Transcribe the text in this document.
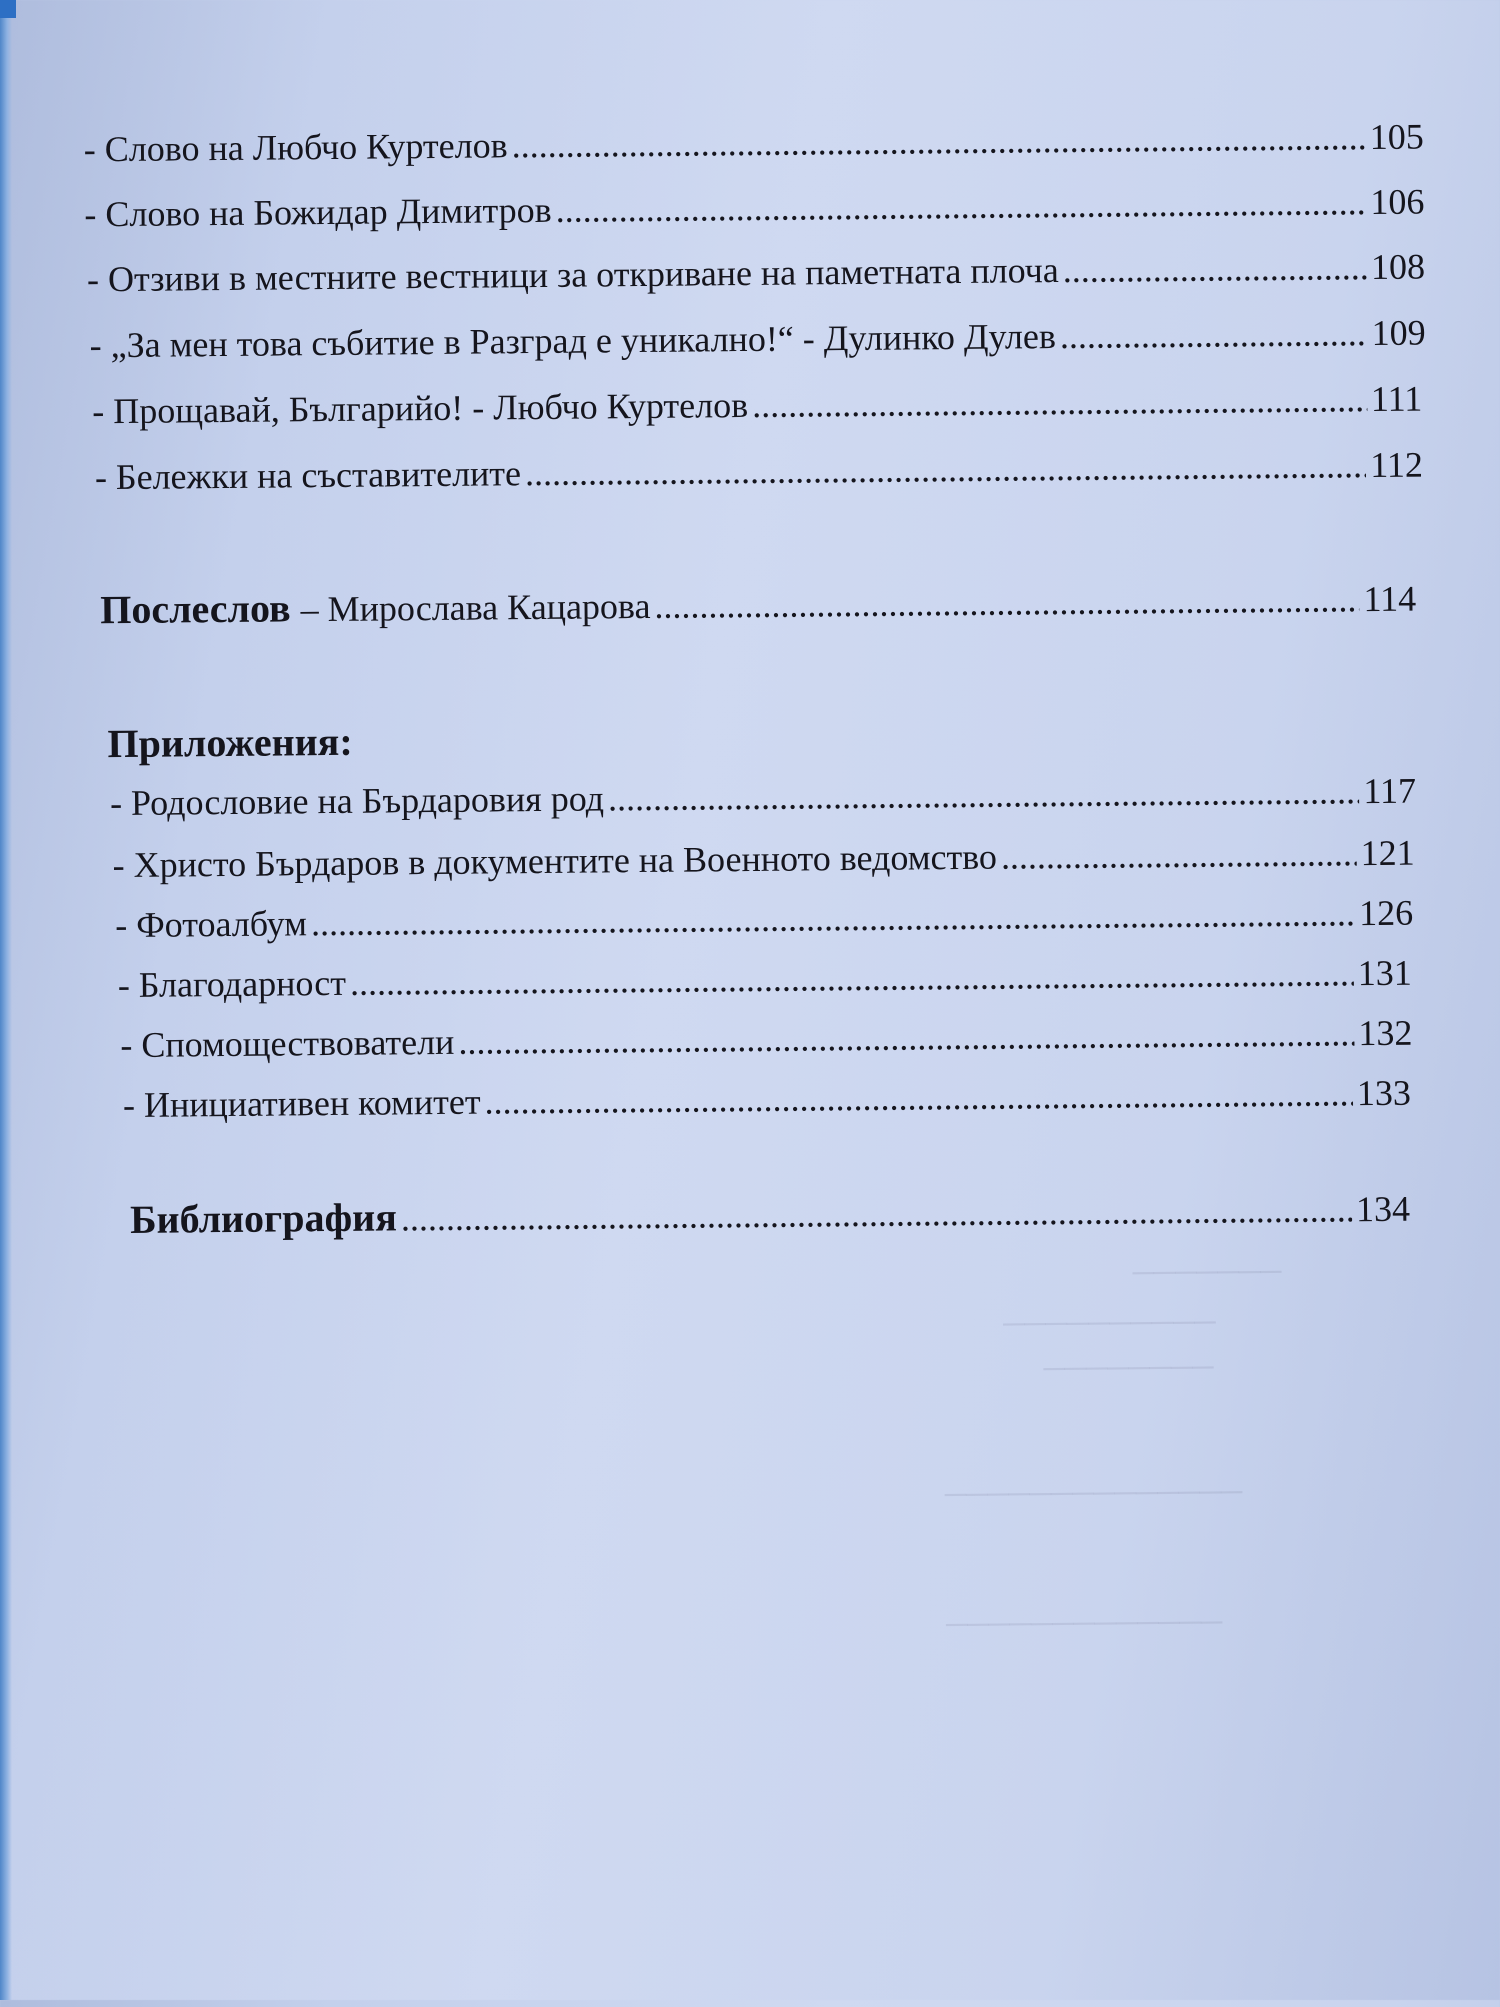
───────
──────────
────────
──────────────
─────────────
- Слово на Любчо Куртелов .....	105
- Слово на Божидар Димитров .....	106
- Отзиви в местните вестници за откриване на паметната плоча .....	108
- „За мен това събитие в Разград е уникално!“ - Дулинко Дулев .....	109
- Прощавай, Българийо! - Любчо Куртелов .....	111
- Бележки на съставителите .....	112
Послеслов – Мирослава Кацарова .....	114
Приложения:
- Родословие на Бърдаровия род .....	117
- Христо Бърдаров в документите на Военното ведомство .....	121
- Фотоалбум .....	126
- Благодарност .....	131
- Спомоществователи .....	132
- Инициативен комитет .....	133
Библиография .....	134
